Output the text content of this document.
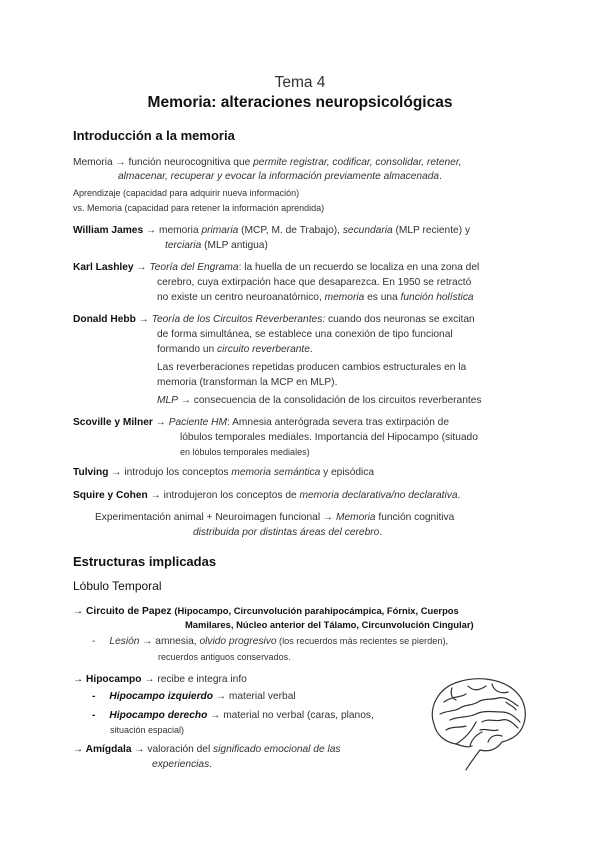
Tema 4
Memoria: alteraciones neuropsicológicas
Introducción a la memoria
Memoria → función neurocognitiva que permite registrar, codificar, consolidar, retener,
almacenar, recuperar y evocar la información previamente almacenada.
Aprendizaje (capacidad para adquirir nueva información)
vs. Memoria (capacidad para retener la información aprendida)
William James → memoria primaria (MCP, M. de Trabajo), secundaria (MLP reciente) y
terciaria (MLP antigua)
Karl Lashley → Teoría del Engrama: la huella de un recuerdo se localiza en una zona del
cerebro, cuya extirpación hace que desaparezca. En 1950 se retractó
no existe un centro neuroanatómico, memoria es una función holística
Donald Hebb → Teoría de los Circuitos Reverberantes: cuando dos neuronas se excitan
de forma simultánea, se establece una conexión de tipo funcional
formando un circuito reverberante.
Las reverberaciones repetidas producen cambios estructurales en la
memoria (transforman la MCP en MLP).
MLP → consecuencia de la consolidación de los circuitos reverberantes
Scoville y Milner → Paciente HM: Amnesia anterógrada severa tras extirpación de
lóbulos temporales mediales. Importancia del Hipocampo (situado
en lóbulos temporales mediales)
Tulving → introdujo los conceptos memoria semántica y episódica
Squire y Cohen → introdujeron los conceptos de memoria declarativa/no declarativa.
Experimentación animal + Neuroimagen funcional → Memoria función cognitiva
distribuida por distintas áreas del cerebro.
Estructuras implicadas
Lóbulo Temporal
→ Circuito de Papez (Hipocampo, Circunvolución parahipocámpica, Fórnix, Cuerpos
Mamilares, Núcleo anterior del Tálamo, Circunvolución Cingular)
- Lesión → amnesia, olvido progresivo (los recuerdos más recientes se pierden),
recuerdos antiguos conservados.
→ Hipocampo → recibe e integra info
- Hipocampo izquierdo → material verbal
- Hipocampo derecho → material no verbal (caras, planos,
situación espacial)
→ Amígdala → valoración del significado emocional de las
experiencias.
